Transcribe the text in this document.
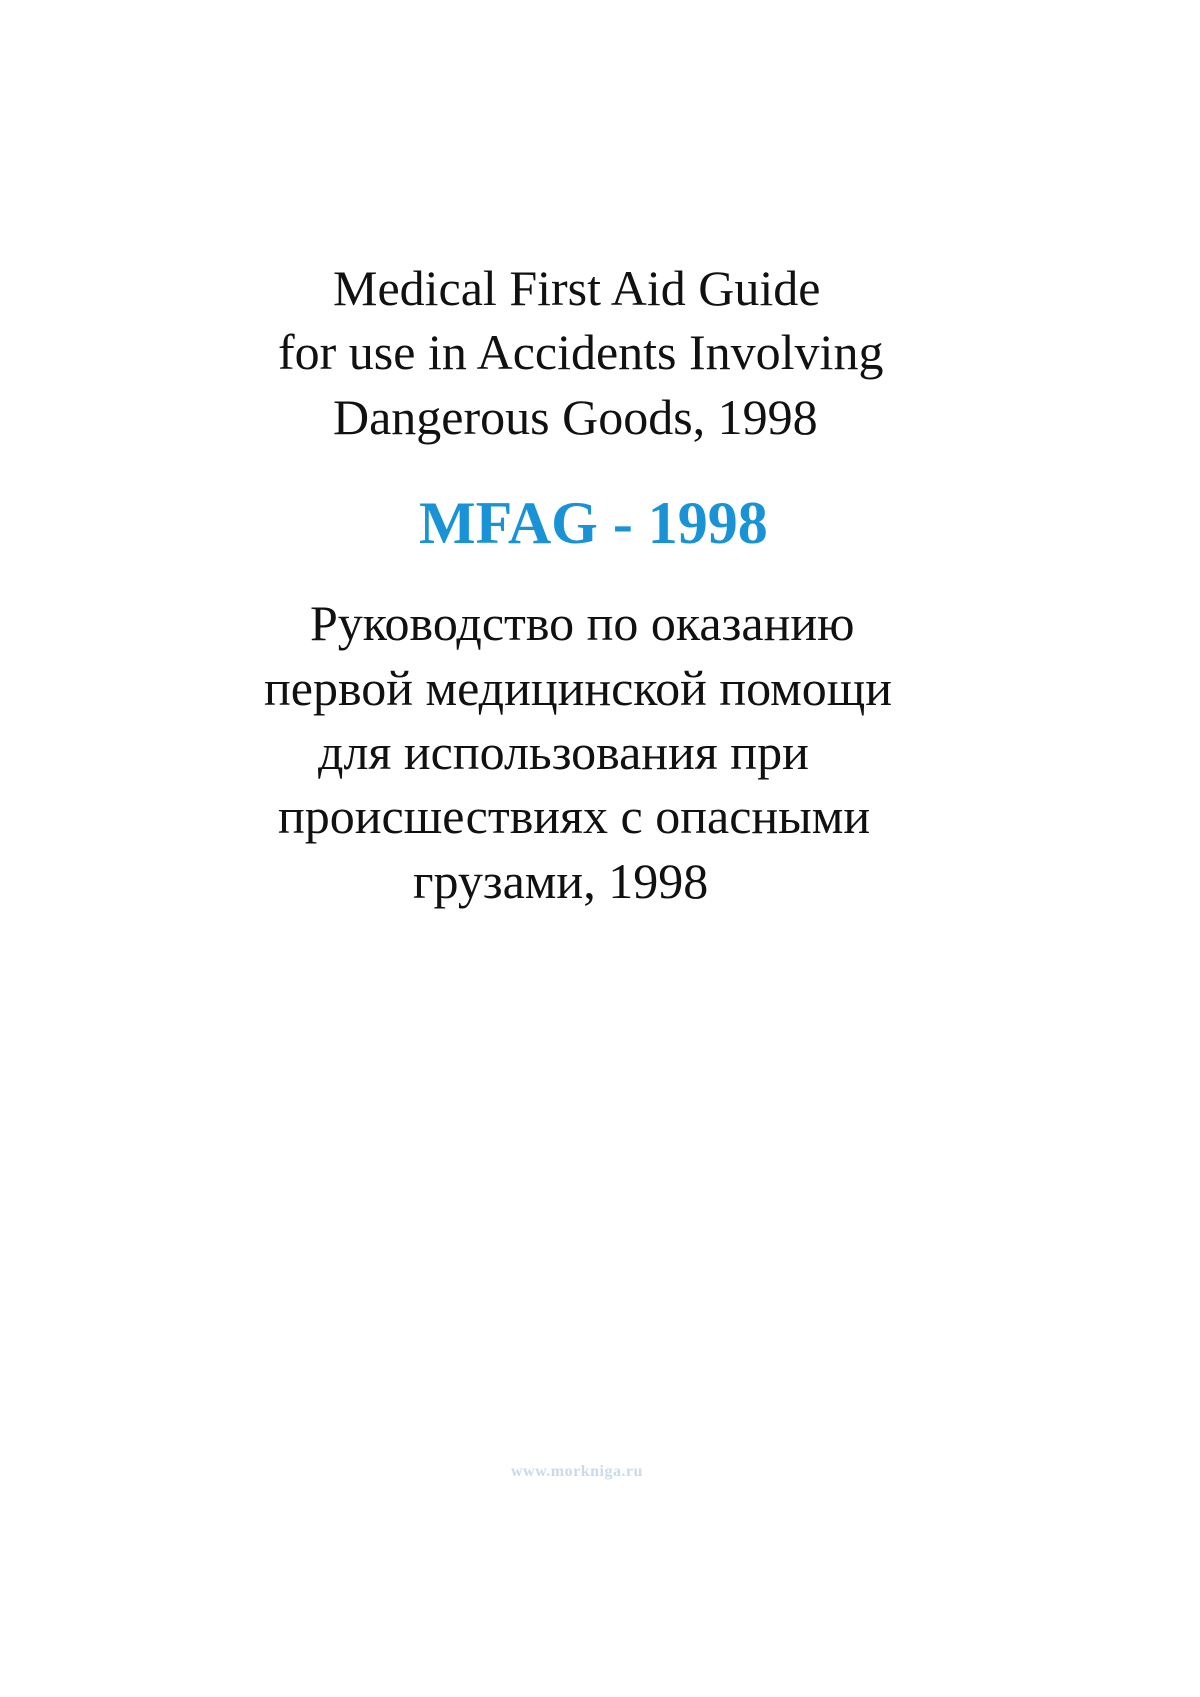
Medical First Aid Guide

for use in Accidents Involving

Dangerous Goods, 1998

MFAG - 1998

Руководство по оказанию

первой медицинской помощи

для использования при

происшествиях с опасными

грузами, 1998

www.morkniga.ru
